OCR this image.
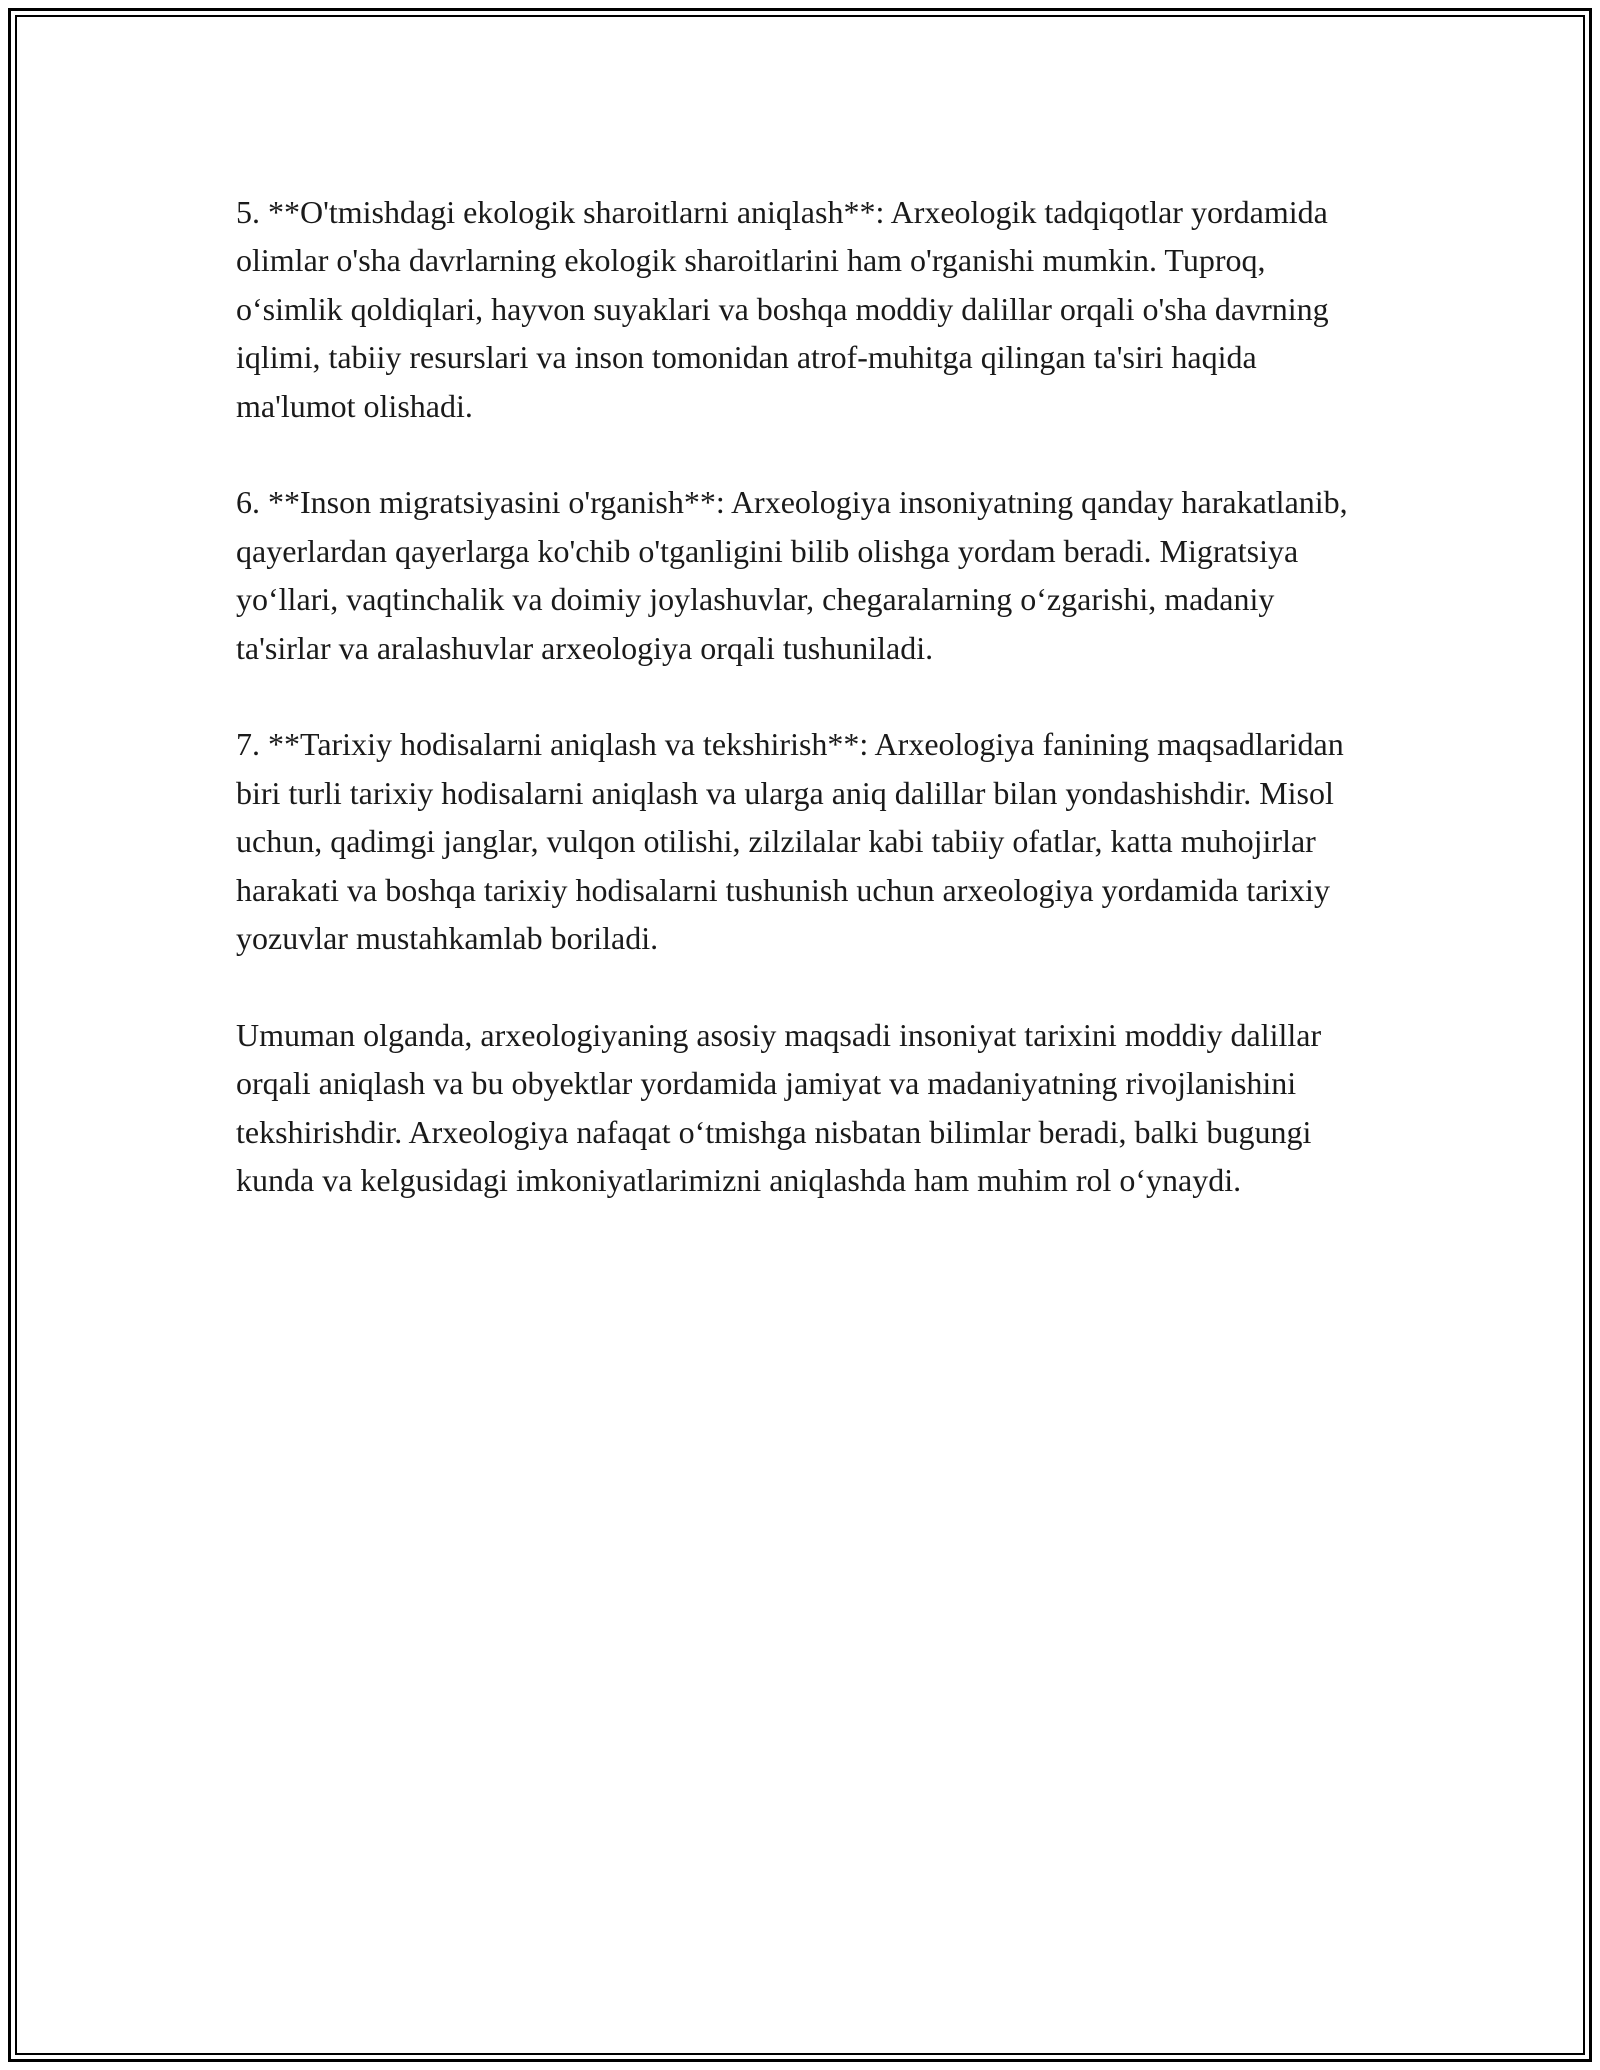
5. **O'tmishdagi ekologik sharoitlarni aniqlash**: Arxeologik tadqiqotlar yordamida olimlar o'sha davrlarning ekologik sharoitlarini ham o'rganishi mumkin. Tuproq, o‘simlik qoldiqlari, hayvon suyaklari va boshqa moddiy dalillar orqali o'sha davrning iqlimi, tabiiy resurslari va inson tomonidan atrof-muhitga qilingan ta'siri haqida ma'lumot olishadi.

6. **Inson migratsiyasini o'rganish**: Arxeologiya insoniyatning qanday harakatlanib, qayerlardan qayerlarga ko'chib o'tganligini bilib olishga yordam beradi. Migratsiya yo‘llari, vaqtinchalik va doimiy joylashuvlar, chegaralarning o‘zgarishi, madaniy ta'sirlar va aralashuvlar arxeologiya orqali tushuniladi.

7. **Tarixiy hodisalarni aniqlash va tekshirish**: Arxeologiya fanining maqsadlaridan biri turli tarixiy hodisalarni aniqlash va ularga aniq dalillar bilan yondashishdir. Misol uchun, qadimgi janglar, vulqon otilishi, zilzilalar kabi tabiiy ofatlar, katta muhojirlar harakati va boshqa tarixiy hodisalarni tushunish uchun arxeologiya yordamida tarixiy yozuvlar mustahkamlab boriladi.

Umuman olganda, arxeologiyaning asosiy maqsadi insoniyat tarixini moddiy dalillar orqali aniqlash va bu obyektlar yordamida jamiyat va madaniyatning rivojlanishini tekshirishdir. Arxeologiya nafaqat o‘tmishga nisbatan bilimlar beradi, balki bugungi kunda va kelgusidagi imkoniyatlarimizni aniqlashda ham muhim rol o‘ynaydi.
